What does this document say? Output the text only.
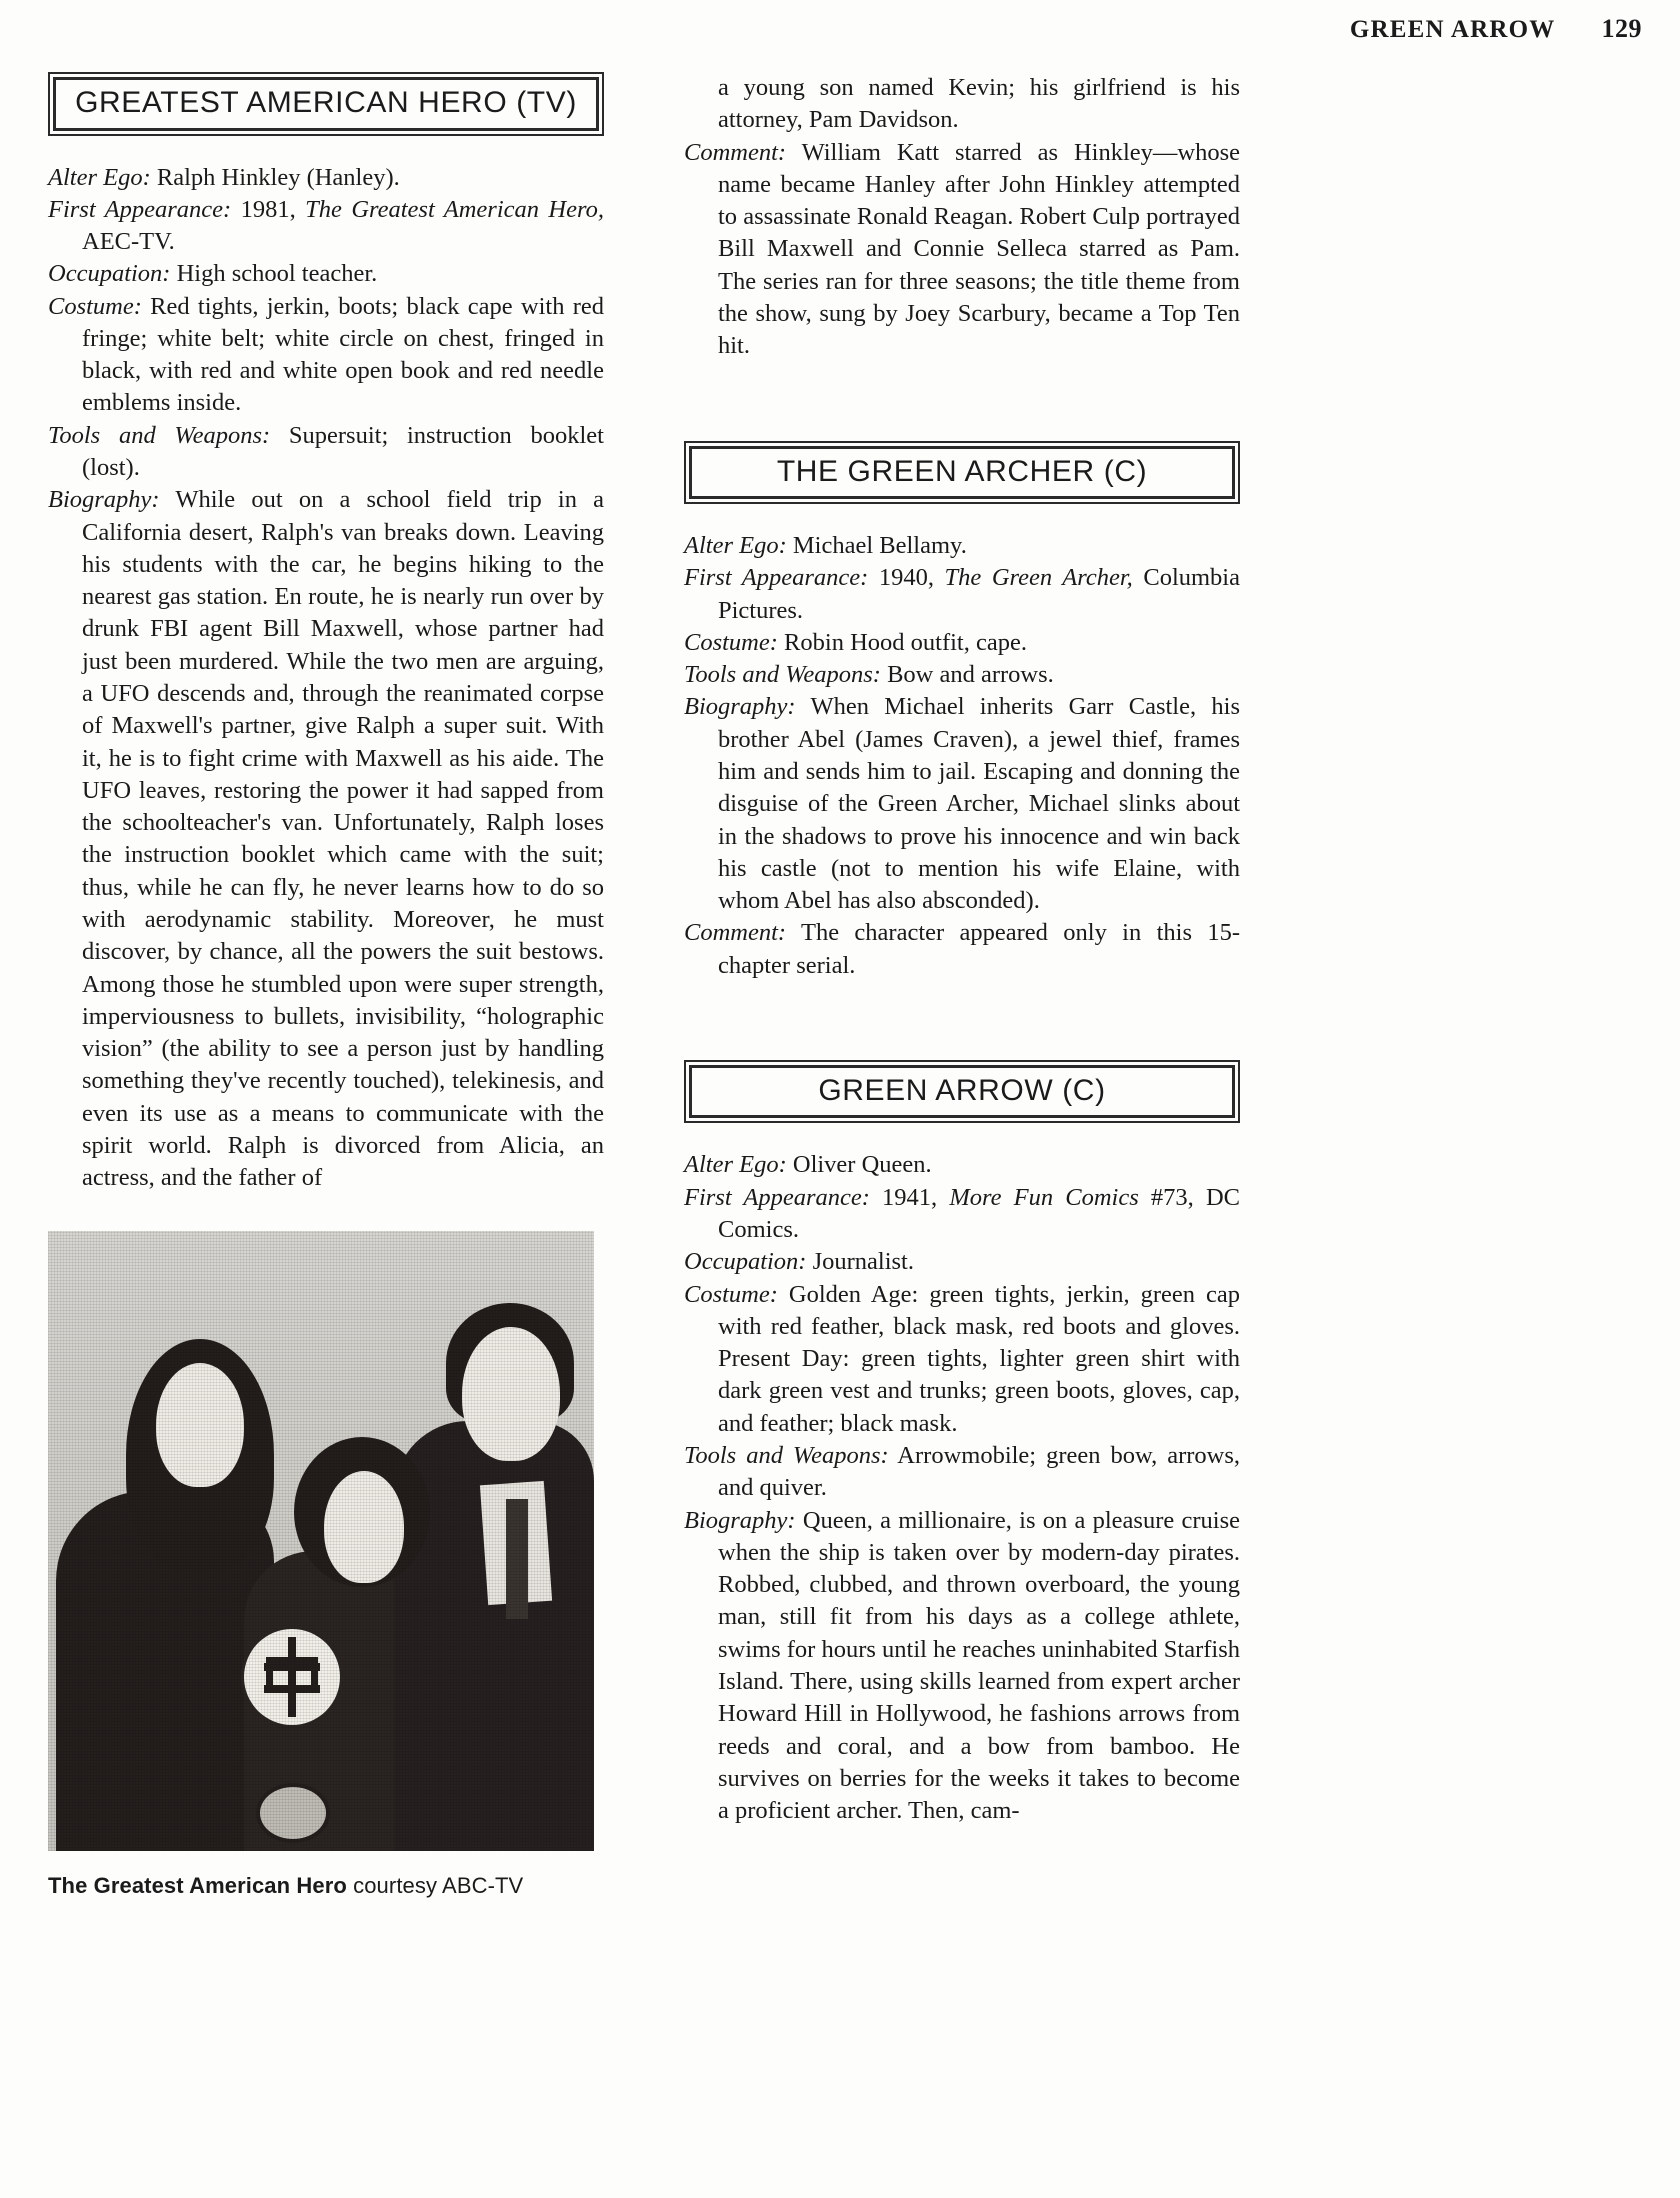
GREEN ARROW 129
GREATEST AMERICAN HERO (TV)

Alter Ego: Ralph Hinkley (Hanley).

First Appearance: 1981, The Greatest American Hero, AEC-TV.

Occupation: High school teacher.

Costume: Red tights, jerkin, boots; black cape with red fringe; white belt; white circle on chest, fringed in black, with red and white open book and red needle emblems inside.

Tools and Weapons: Supersuit; instruction booklet (lost).

Biography: While out on a school field trip in a California desert, Ralph's van breaks down. Leaving his students with the car, he begins hiking to the nearest gas station. En route, he is nearly run over by drunk FBI agent Bill Maxwell, whose partner had just been murdered. While the two men are arguing, a UFO descends and, through the reanimated corpse of Maxwell's partner, give Ralph a super suit. With it, he is to fight crime with Maxwell as his aide. The UFO leaves, restoring the power it had sapped from the schoolteacher's van. Unfortunately, Ralph loses the instruction booklet which came with the suit; thus, while he can fly, he never learns how to do so with aerodynamic stability. Moreover, he must discover, by chance, all the powers the suit bestows. Among those he stumbled upon were super strength, imperviousness to bullets, invisibility, “holographic vision” (the ability to see a person just by handling something they've recently touched), telekinesis, and even its use as a means to communicate with the spirit world. Ralph is divorced from Alicia, an actress, and the father of

The Greatest American Hero courtesy ABC-TV

a young son named Kevin; his girlfriend is his attorney, Pam Davidson.

Comment: William Katt starred as Hinkley—whose name became Hanley after John Hinkley attempted to assassinate Ronald Reagan. Robert Culp portrayed Bill Maxwell and Connie Selleca starred as Pam. The series ran for three seasons; the title theme from the show, sung by Joey Scarbury, became a Top Ten hit.

THE GREEN ARCHER (C)

Alter Ego: Michael Bellamy.

First Appearance: 1940, The Green Archer, Columbia Pictures.

Costume: Robin Hood outfit, cape.

Tools and Weapons: Bow and arrows.

Biography: When Michael inherits Garr Castle, his brother Abel (James Craven), a jewel thief, frames him and sends him to jail. Escaping and donning the disguise of the Green Archer, Michael slinks about in the shadows to prove his innocence and win back his castle (not to mention his wife Elaine, with whom Abel has also absconded).

Comment: The character appeared only in this 15-chapter serial.

GREEN ARROW (C)

Alter Ego: Oliver Queen.

First Appearance: 1941, More Fun Comics #73, DC Comics.

Occupation: Journalist.

Costume: Golden Age: green tights, jerkin, green cap with red feather, black mask, red boots and gloves. Present Day: green tights, lighter green shirt with dark green vest and trunks; green boots, gloves, cap, and feather; black mask.

Tools and Weapons: Arrowmobile; green bow, arrows, and quiver.

Biography: Queen, a millionaire, is on a pleasure cruise when the ship is taken over by modern-day pirates. Robbed, clubbed, and thrown overboard, the young man, still fit from his days as a college athlete, swims for hours until he reaches uninhabited Starfish Island. There, using skills learned from expert archer Howard Hill in Hollywood, he fashions arrows from reeds and coral, and a bow from bamboo. He survives on berries for the weeks it takes to become a proficient archer. Then, cam-
